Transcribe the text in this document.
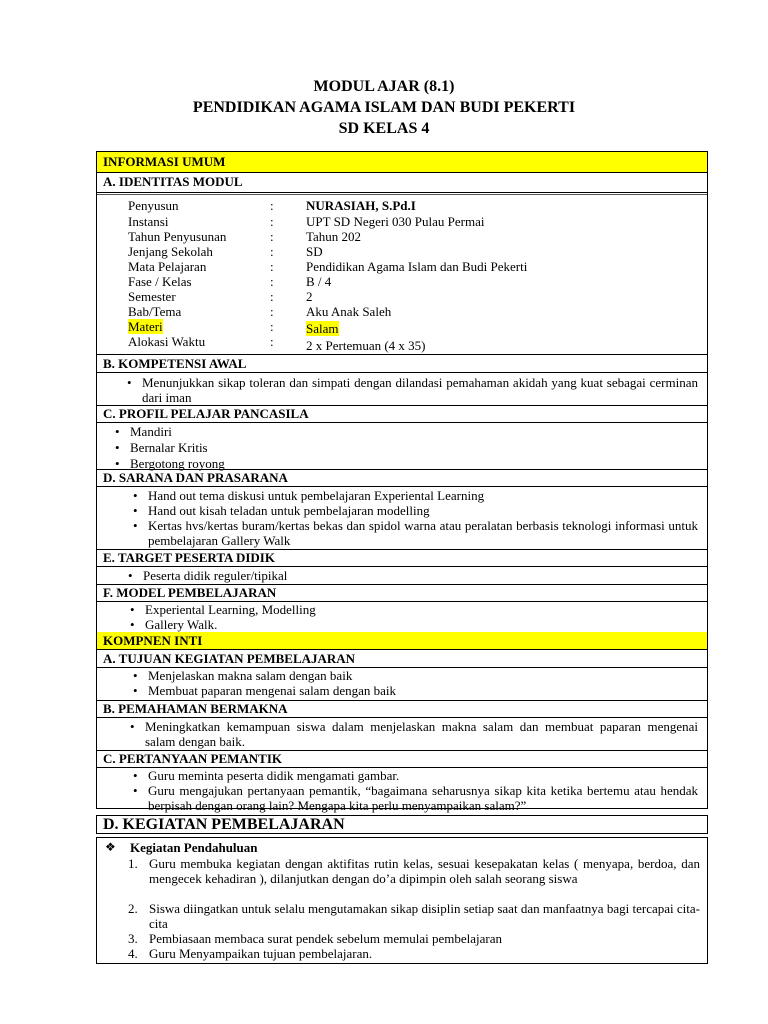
MODUL AJAR (8.1)
PENDIDIKAN AGAMA ISLAM DAN BUDI PEKERTI
SD KELAS 4
INFORMASI UMUM
A. IDENTITAS MODUL
Penyusun	: NURASIAH, S.Pd.I
Instansi	: UPT SD Negeri 030 Pulau Permai
Tahun Penyusunan	: Tahun 202
Jenjang Sekolah	: SD
Mata Pelajaran	: Pendidikan Agama Islam dan Budi Pekerti
Fase / Kelas	: B / 4
Semester	: 2
Bab/Tema	: Aku Anak Saleh
Materi	: Salam
Alokasi Waktu	: 2 x Pertemuan (4 x 35)
B. KOMPETENSI AWAL
• Menunjukkan sikap toleran dan simpati dengan dilandasi pemahaman akidah yang kuat sebagai cerminan dari iman
C. PROFIL PELAJAR PANCASILA
• Mandiri
• Bernalar Kritis
• Bergotong royong
D. SARANA DAN PRASARANA
• Hand out tema diskusi untuk pembelajaran Experiental Learning
• Hand out kisah teladan untuk pembelajaran modelling
• Kertas hvs/kertas buram/kertas bekas dan spidol warna atau peralatan berbasis teknologi informasi untuk pembelajaran Gallery Walk
E. TARGET PESERTA DIDIK
• Peserta didik reguler/tipikal
F. MODEL PEMBELAJARAN
• Experiental Learning, Modelling
• Gallery Walk.
KOMPNEN INTI
A. TUJUAN KEGIATAN PEMBELAJARAN
• Menjelaskan makna salam dengan baik
• Membuat paparan mengenai salam dengan baik
B. PEMAHAMAN BERMAKNA
• Meningkatkan kemampuan siswa dalam menjelaskan makna salam dan membuat paparan mengenai salam dengan baik.
C. PERTANYAAN PEMANTIK
• Guru meminta peserta didik mengamati gambar.
• Guru mengajukan pertanyaan pemantik, “bagaimana seharusnya sikap kita ketika bertemu atau hendak berpisah dengan orang lain? Mengapa kita perlu menyampaikan salam?”
D. KEGIATAN PEMBELAJARAN
❖ Kegiatan Pendahuluan
1. Guru membuka kegiatan dengan aktifitas rutin kelas, sesuai kesepakatan kelas ( menyapa, berdoa, dan mengecek kehadiran ), dilanjutkan dengan do’a dipimpin oleh salah seorang siswa
2. Siswa diingatkan untuk selalu mengutamakan sikap disiplin setiap saat dan manfaatnya bagi tercapai cita-cita
3. Pembiasaan membaca surat pendek sebelum memulai pembelajaran
4. Guru Menyampaikan tujuan pembelajaran.
